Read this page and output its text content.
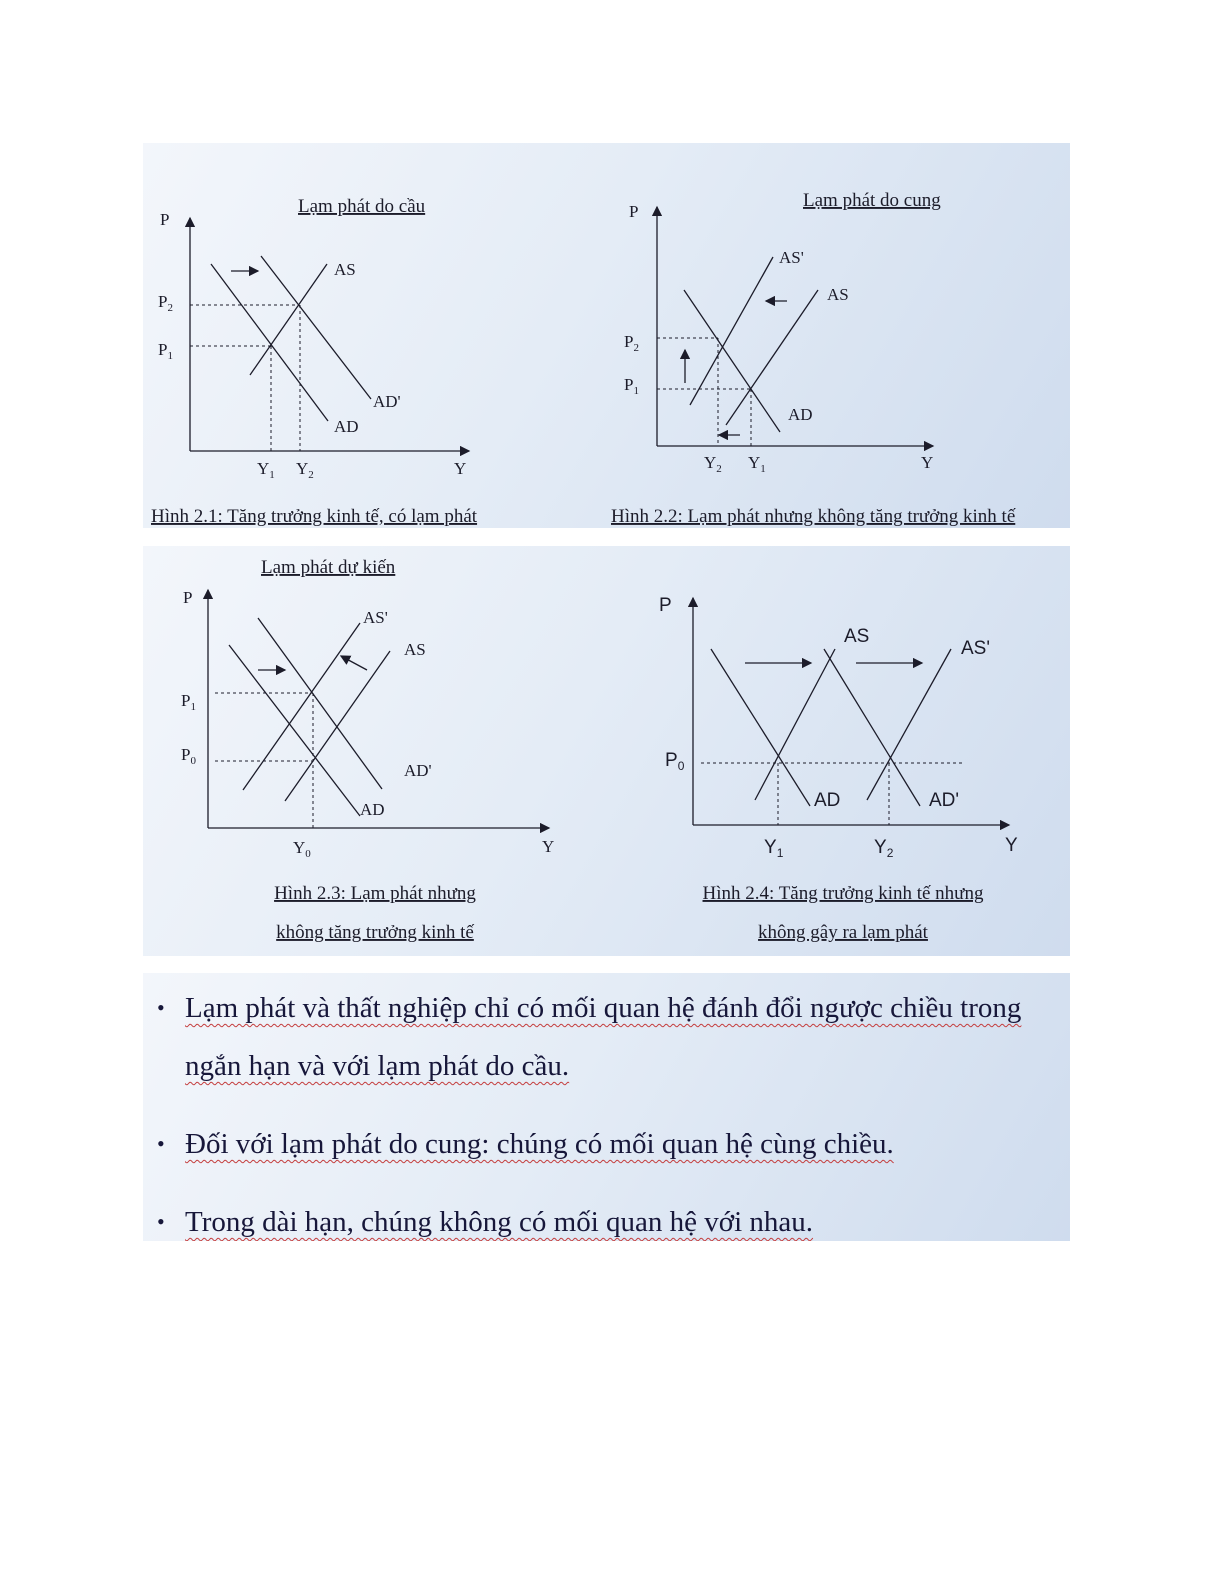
Lạm phát do cầu
P
Y
AS
AD'
AD
$P_2$
$P_1$
$Y_1$ $Y_2$
Hình 2.1: Tăng trưởng kinh tế, có lạm phát
Lạm phát do cung
P
Y
AS'
AS
AD
$P_2$
$P_1$
$Y_2$ $Y_1$
Hình 2.2: Lạm phát nhưng không tăng trưởng kinh tế
Lạm phát dự kiến
P
Y
AS'
AS
AD'
AD
$P_1$
$P_0$
$Y_0$
Hình 2.3: Lạm phát nhưng
không tăng trưởng kinh tế
P
Y
AS
AS'
AD	AD'
$P_0$
$Y_1$	$Y_2$
Hình 2.4: Tăng trưởng kinh tế nhưng
không gây ra lạm phát
• Lạm phát và thất nghiệp chỉ có mối quan hệ đánh đổi ngược chiều trong ngắn hạn và với lạm phát do cầu.
• Đối với lạm phát do cung: chúng có mối quan hệ cùng chiều.
• Trong dài hạn, chúng không có mối quan hệ với nhau.
